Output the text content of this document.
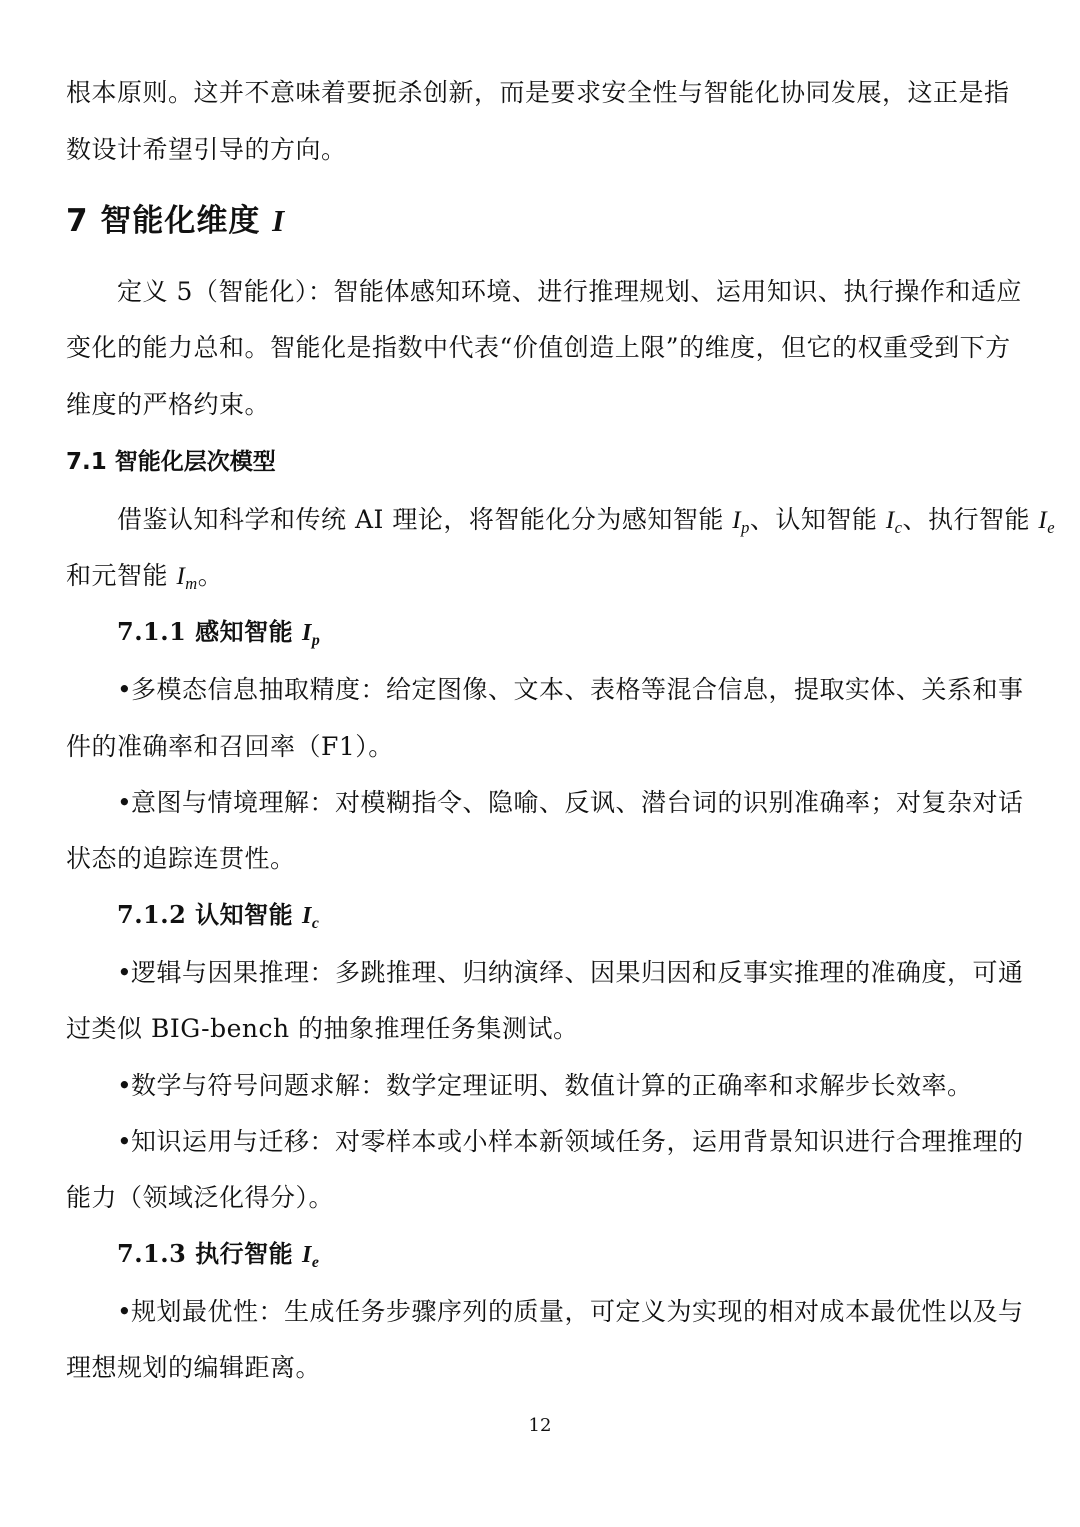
根本原则。这并不意味着要扼杀创新，而是要求安全性与智能化协同发展，这正是指

数设计希望引导的方向。

7 智能化维度 I

定义 5（智能化）：智能体感知环境、进行推理规划、运用知识、执行操作和适应

变化的能力总和。智能化是指数中代表“价值创造上限”的维度，但它的权重受到下方

维度的严格约束。

7.1 智能化层次模型

借鉴认知科学和传统 AI 理论，将智能化分为感知智能 $I_p$、认知智能 $I_c$、执行智能 $I_e$

和元智能 $I_m$。

7.1.1 感知智能 $I_p$

•多模态信息抽取精度：给定图像、文本、表格等混合信息，提取实体、关系和事

件的准确率和召回率（F1）。

•意图与情境理解：对模糊指令、隐喻、反讽、潜台词的识别准确率；对复杂对话

状态的追踪连贯性。

7.1.2 认知智能 $I_c$

•逻辑与因果推理：多跳推理、归纳演绎、因果归因和反事实推理的准确度，可通

过类似 BIG-bench 的抽象推理任务集测试。

•数学与符号问题求解：数学定理证明、数值计算的正确率和求解步长效率。

•知识运用与迁移：对零样本或小样本新领域任务，运用背景知识进行合理推理的

能力（领域泛化得分）。

7.1.3 执行智能 $I_e$

•规划最优性：生成任务步骤序列的质量，可定义为实现的相对成本最优性以及与

理想规划的编辑距离。

12
